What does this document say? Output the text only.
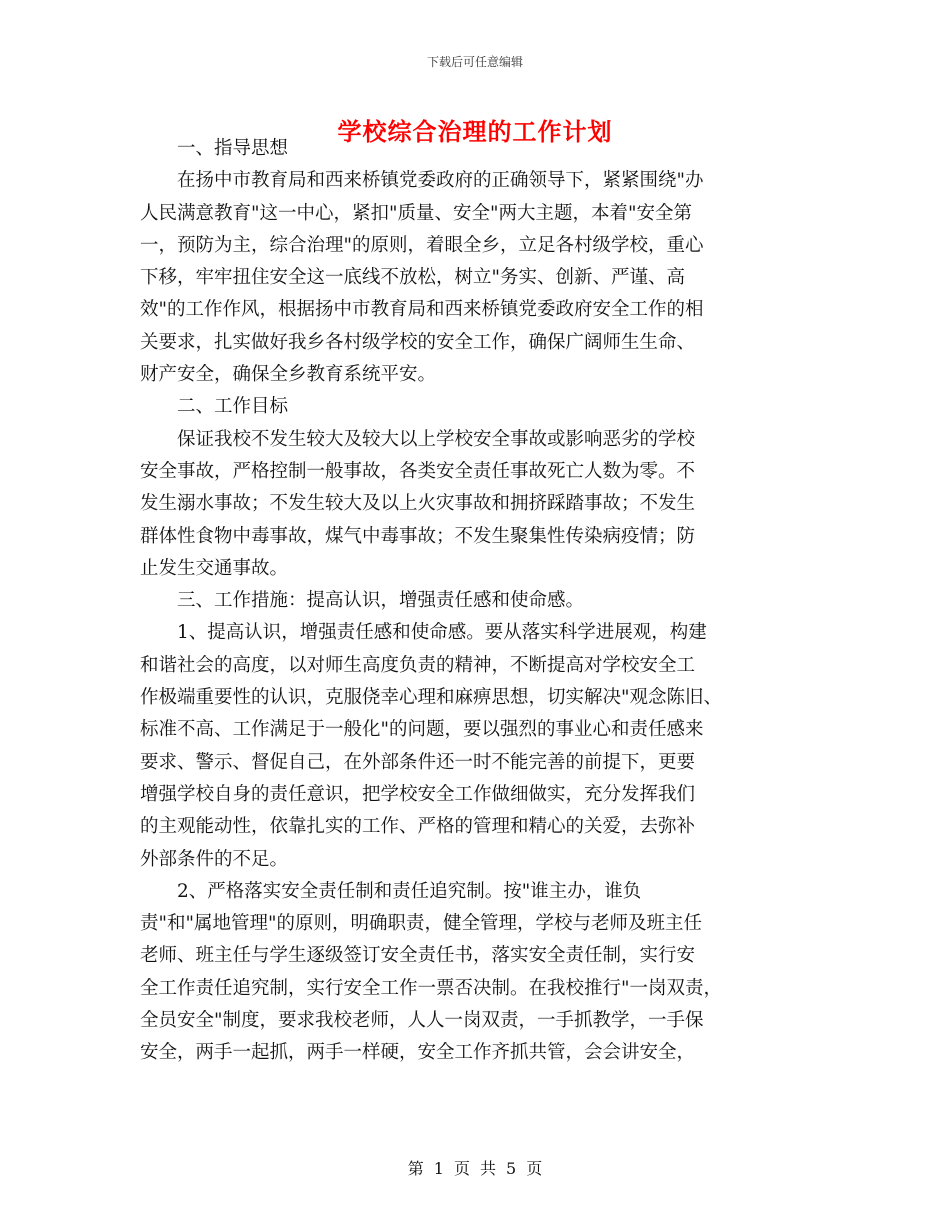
下载后可任意编辑
学校综合治理的工作计划
　　一、指导思想
　　在扬中市教育局和西来桥镇党委政府的正确领导下，紧紧围绕"办
人民满意教育"这一中心，紧扣"质量、安全"两大主题，本着"安全第
一，预防为主，综合治理"的原则，着眼全乡，立足各村级学校，重心
下移，牢牢扭住安全这一底线不放松，树立"务实、创新、严谨、高
效"的工作作风，根据扬中市教育局和西来桥镇党委政府安全工作的相
关要求，扎实做好我乡各村级学校的安全工作，确保广阔师生生命、
财产安全，确保全乡教育系统平安。
　　二、工作目标
　　保证我校不发生较大及较大以上学校安全事故或影响恶劣的学校
安全事故，严格控制一般事故，各类安全责任事故死亡人数为零。不
发生溺水事故；不发生较大及以上火灾事故和拥挤踩踏事故；不发生
群体性食物中毒事故，煤气中毒事故；不发生聚集性传染病疫情；防
止发生交通事故。
　　三、工作措施：提高认识，增强责任感和使命感。
　　1、提高认识，增强责任感和使命感。要从落实科学进展观，构建
和谐社会的高度，以对师生高度负责的精神，不断提高对学校安全工
作极端重要性的认识，克服侥幸心理和麻痹思想，切实解决"观念陈旧、
标准不高、工作满足于一般化"的问题，要以强烈的事业心和责任感来
要求、警示、督促自己，在外部条件还一时不能完善的前提下，更要
增强学校自身的责任意识，把学校安全工作做细做实，充分发挥我们
的主观能动性，依靠扎实的工作、严格的管理和精心的关爱，去弥补
外部条件的不足。
　　2、严格落实安全责任制和责任追究制。按"谁主办，谁负
责"和"属地管理"的原则，明确职责，健全管理，学校与老师及班主任
老师、班主任与学生逐级签订安全责任书，落实安全责任制，实行安
全工作责任追究制，实行安全工作一票否决制。在我校推行"一岗双责，
全员安全"制度，要求我校老师，人人一岗双责，一手抓教学，一手保
安全，两手一起抓，两手一样硬，安全工作齐抓共管，会会讲安全，
第 1 页 共 5 页
